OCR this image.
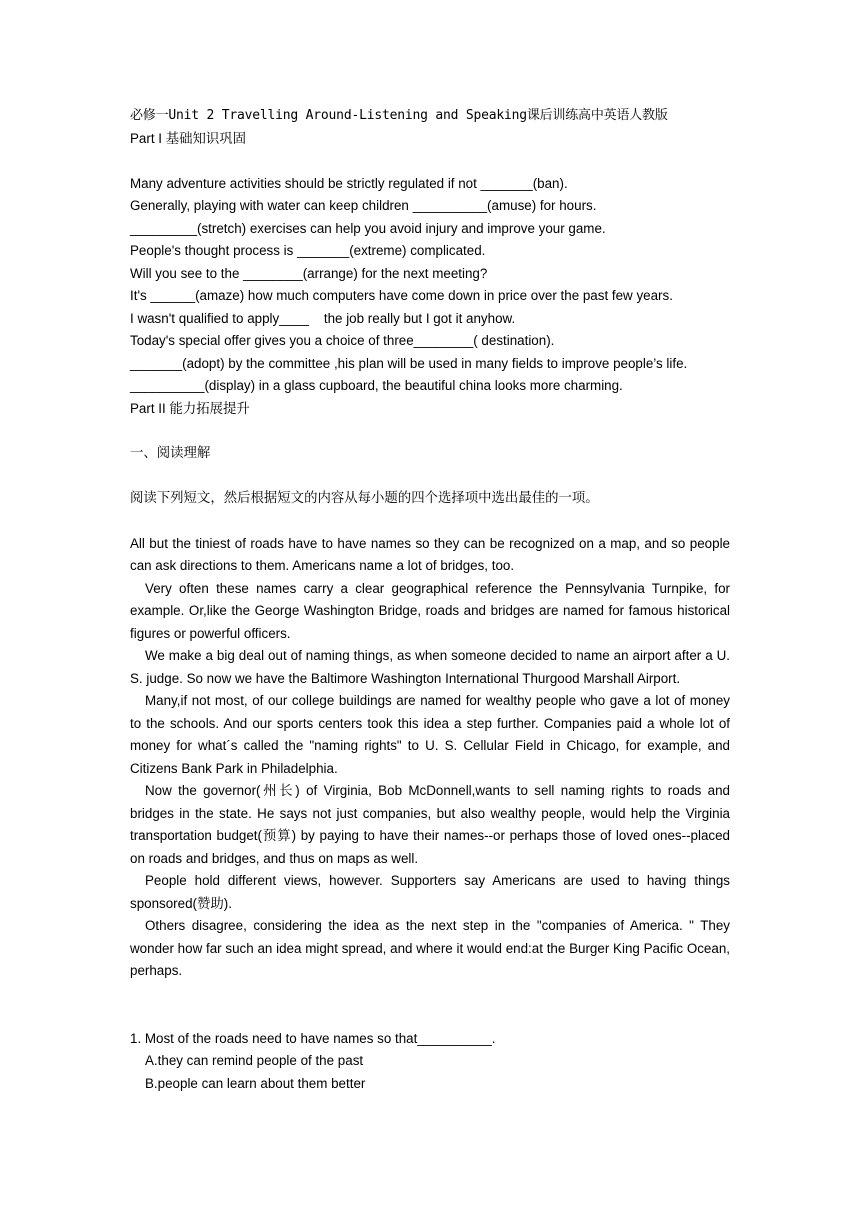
必修一Unit 2 Travelling Around-Listening and Speaking课后训练高中英语人教版
Part I 基础知识巩固
Many adventure activities should be strictly regulated if not _______(ban).
Generally, playing with water can keep children __________(amuse) for hours.
_________(stretch) exercises can help you avoid injury and improve your game.
People's thought process is _______(extreme) complicated.
Will you see to the ________(arrange) for the next meeting?
It's ______(amaze) how much computers have come down in price over the past few years.
I wasn't qualified to apply____    the job really but I got it anyhow.
Today's special offer gives you a choice of three________( destination).
_______(adopt) by the committee ,his plan will be used in many fields to improve people’s life.
__________(display) in a glass cupboard, the beautiful china looks more charming.
Part II 能力拓展提升
一、阅读理解
阅读下列短文，然后根据短文的内容从每小题的四个选择项中选出最佳的一项。

All but the tiniest of roads have to have names so they can be recognized on a map, and so people can ask directions to them. Americans name a lot of bridges, too.

Very often these names carry a clear geographical reference the Pennsylvania Turnpike, for example. Or,like the George Washington Bridge, roads and bridges are named for famous historical figures or powerful officers.

We make a big deal out of naming things, as when someone decided to name an airport after a U. S. judge. So now we have the Baltimore Washington International Thurgood Marshall Airport.

Many,if not most, of our college buildings are named for wealthy people who gave a lot of money to the schools. And our sports centers took this idea a step further. Companies paid a whole lot of money for what´s called the "naming rights" to U. S. Cellular Field in Chicago, for example, and Citizens Bank Park in Philadelphia.

Now the governor(州长) of Virginia, Bob McDonnell,wants to sell naming rights to roads and bridges in the state. He says not just companies, but also wealthy people, would help the Virginia transportation budget(预算) by paying to have their names--or perhaps those of loved ones--placed on roads and bridges, and thus on maps as well.

People hold different views, however. Supporters say Americans are used to having things sponsored(赞助).

Others disagree, considering the idea as the next step in the "companies of America. " They wonder how far such an idea might spread, and where it would end:at the Burger King Pacific Ocean, perhaps.

1. Most of the roads need to have names so that__________.
A.they can remind people of the past
B.people can learn about them better
